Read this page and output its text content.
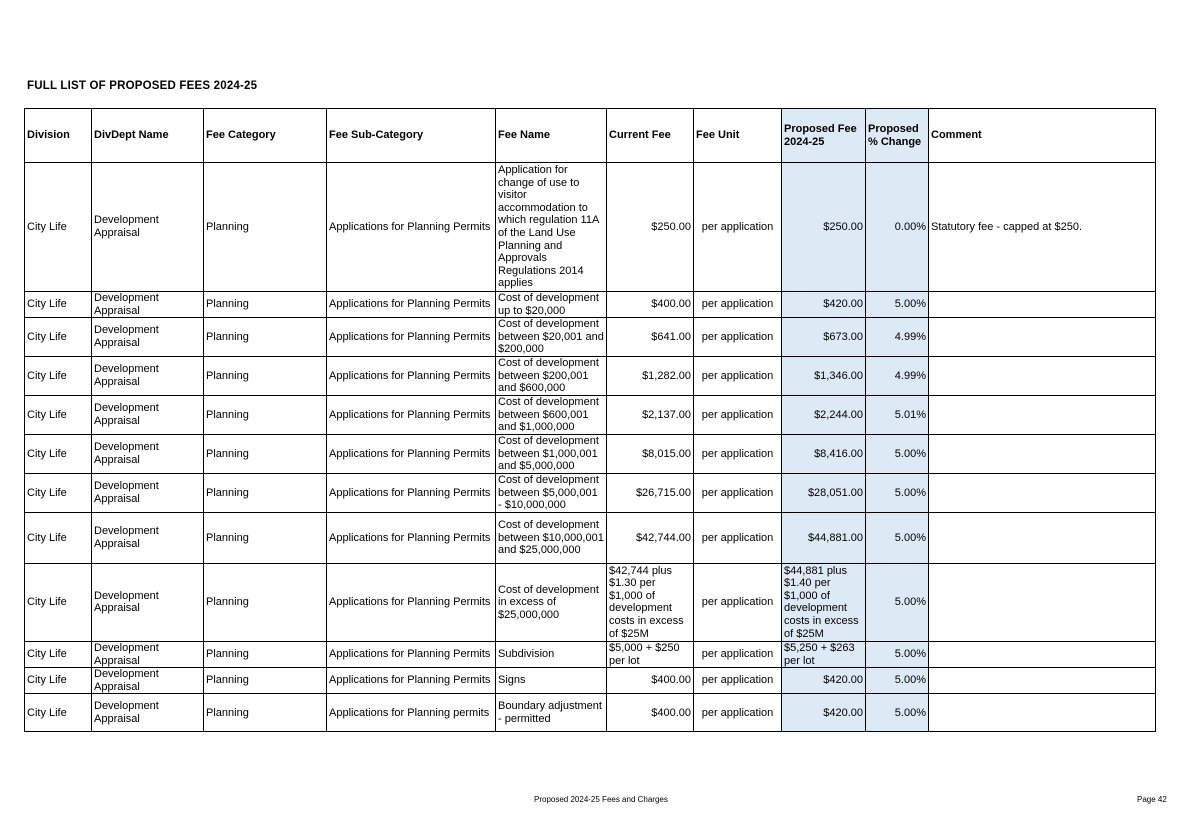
FULL LIST OF PROPOSED FEES 2024-25
Division	DivDept Name	Fee Category	Fee Sub-Category	Fee Name	Current Fee	Fee Unit	Proposed Fee 2024-25	Proposed % Change	Comment
City Life	Development Appraisal	Planning	Applications for Planning Permits	Application for change of use to visitor accommodation to which regulation 11A of the Land Use Planning and Approvals Regulations 2014 applies	$250.00	per application	$250.00	0.00%	Statutory fee - capped at $250.
City Life	Development Appraisal	Planning	Applications for Planning Permits	Cost of development up to $20,000	$400.00	per application	$420.00	5.00%	
City Life	Development Appraisal	Planning	Applications for Planning Permits	Cost of development between $20,001 and $200,000	$641.00	per application	$673.00	4.99%	
City Life	Development Appraisal	Planning	Applications for Planning Permits	Cost of development between $200,001 and $600,000	$1,282.00	per application	$1,346.00	4.99%	
City Life	Development Appraisal	Planning	Applications for Planning Permits	Cost of development between $600,001 and $1,000,000	$2,137.00	per application	$2,244.00	5.01%	
City Life	Development Appraisal	Planning	Applications for Planning Permits	Cost of development between $1,000,001 and $5,000,000	$8,015.00	per application	$8,416.00	5.00%	
City Life	Development Appraisal	Planning	Applications for Planning Permits	Cost of development between $5,000,001 - $10,000,000	$26,715.00	per application	$28,051.00	5.00%	
City Life	Development Appraisal	Planning	Applications for Planning Permits	Cost of development between $10,000,001 and $25,000,000	$42,744.00	per application	$44,881.00	5.00%	
City Life	Development Appraisal	Planning	Applications for Planning Permits	Cost of development in excess of $25,000,000	$42,744 plus $1.30 per $1,000 of development costs in excess of $25M	per application	$44,881 plus $1.40 per $1,000 of development costs in excess of $25M	5.00%	
City Life	Development Appraisal	Planning	Applications for Planning Permits	Subdivision	$5,000 + $250 per lot	per application	$5,250 + $263 per lot	5.00%	
City Life	Development Appraisal	Planning	Applications for Planning Permits	Signs	$400.00	per application	$420.00	5.00%	
City Life	Development Appraisal	Planning	Applications for Planning permits	Boundary adjustment - permitted	$400.00	per application	$420.00	5.00%	
Proposed 2024-25 Fees and Charges	Page 42
